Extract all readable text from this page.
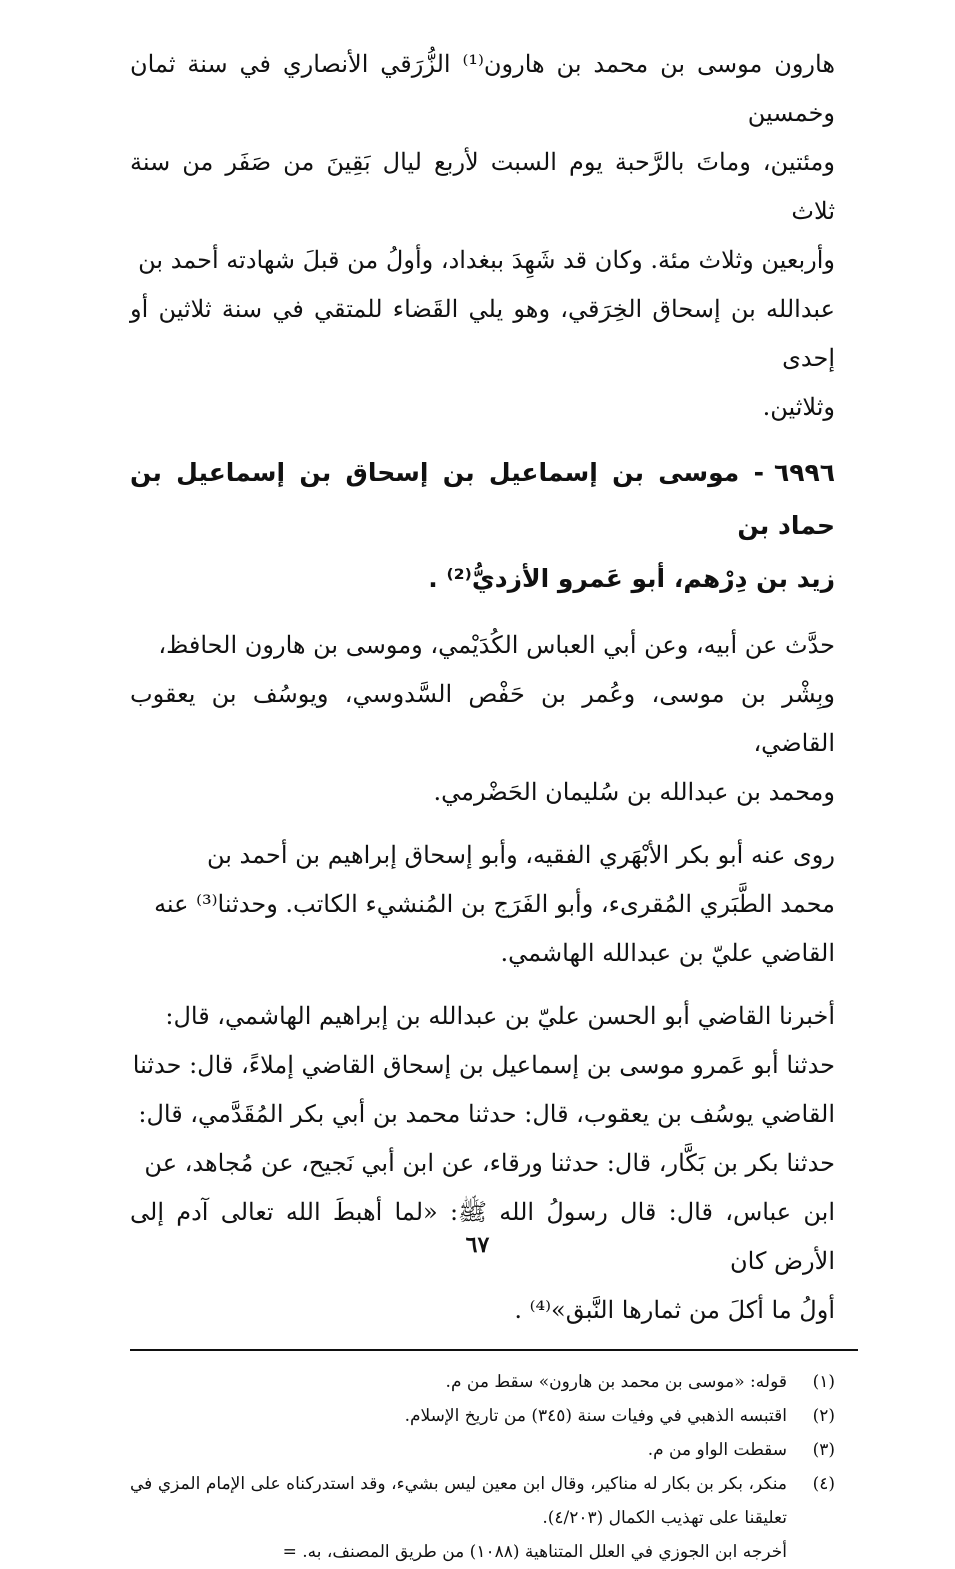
هارون موسى بن محمد بن هارون⁽¹⁾ الزُّرَقي الأنصاري في سنة ثمان وخمسين

ومئتين، وماتَ بالرَّحبة يوم السبت لأربع ليال بَقِينَ من صَفَر من سنة ثلاث

وأربعين وثلاث مئة. وكان قد شَهِدَ ببغداد، وأولُ من قبلَ شهادته أحمد بن

عبدالله بن إسحاق الخِرَقي، وهو يلي القَضاء للمتقي في سنة ثلاثين أو إحدى

وثلاثين.

٦٩٩٦- موسى بن إسماعيل بن إسحاق بن إسماعيل بن حماد بن

زيد بن دِرْهم، أبو عَمرو الأزديُّ⁽²⁾ .

حدَّث عن أبيه، وعن أبي العباس الكُدَيْمي، وموسى بن هارون الحافظ،

وبِشْر بن موسى، وعُمر بن حَفْص السَّدوسي، ويوسُف بن يعقوب القاضي،

ومحمد بن عبدالله بن سُليمان الحَضْرمي.

روى عنه أبو بكر الأبْهَري الفقيه، وأبو إسحاق إبراهيم بن أحمد بن

محمد الطَّبَري المُقرىء، وأبو الفَرَج بن المُنشيء الكاتب. وحدثنا⁽³⁾ عنه

القاضي عليّ بن عبدالله الهاشمي.

أخبرنا القاضي أبو الحسن عليّ بن عبدالله بن إبراهيم الهاشمي، قال:

حدثنا أبو عَمرو موسى بن إسماعيل بن إسحاق القاضي إملاءً، قال: حدثنا

القاضي يوسُف بن يعقوب، قال: حدثنا محمد بن أبي بكر المُقَدَّمي، قال:

حدثنا بكر بن بَكَّار، قال: حدثنا ورقاء، عن ابن أبي نَجيح، عن مُجاهد، عن

ابن عباس، قال: قال رسولُ الله ﷺ: «لما أهبطَ الله تعالى آدم إلى الأرض كان

أولُ ما أكلَ من ثمارها النَّبق»⁽⁴⁾ .

(١)
قوله: «موسى بن محمد بن هارون» سقط من م.
(٢)
اقتبسه الذهبي في وفيات سنة (٣٤٥) من تاريخ الإسلام.
(٣)
سقطت الواو من م.
(٤)
منكر، بكر بن بكار له مناكير، وقال ابن معين ليس بشيء، وقد استدركناه على الإمام المزي في تعليقنا على تهذيب الكمال (٤/٢٠٣).
أخرجه ابن الجوزي في العلل المتناهية (١٠٨٨) من طريق المصنف، به. =
٦٧
